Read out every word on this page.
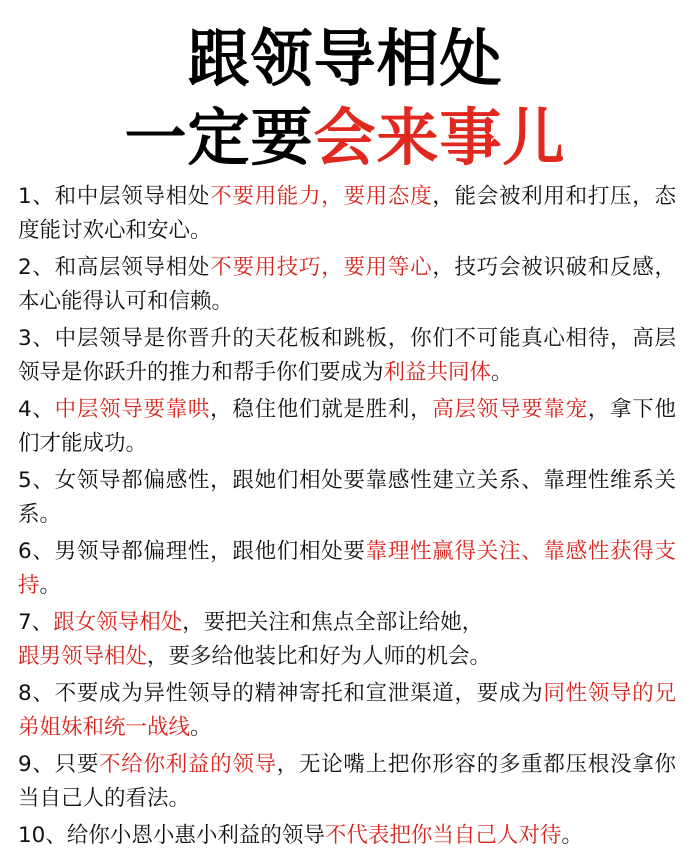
跟领导相处
一定要会来事儿

1、和中层领导相处不要用能力，要用态度，能会被利用和打压，态度能讨欢心和安心。

2、和高层领导相处不要用技巧，要用等心，技巧会被识破和反感，本心能得认可和信赖。

3、中层领导是你晋升的天花板和跳板，你们不可能真心相待，高层领导是你跃升的推力和帮手你们要成为利益共同体。

4、中层领导要靠哄，稳住他们就是胜利，高层领导要靠宠，拿下他们才能成功。

5、女领导都偏感性，跟她们相处要靠感性建立关系、靠理性维系关系。

6、男领导都偏理性，跟他们相处要靠理性赢得关注、靠感性获得支持。

7、跟女领导相处，要把关注和焦点全部让给她，
跟男领导相处，要多给他装比和好为人师的机会。

8、不要成为异性领导的精神寄托和宣泄渠道，要成为同性领导的兄弟姐妹和统一战线。

9、只要不给你利益的领导，无论嘴上把你形容的多重都压根没拿你当自己人的看法。

10、给你小恩小惠小利益的领导不代表把你当自己人对待。
